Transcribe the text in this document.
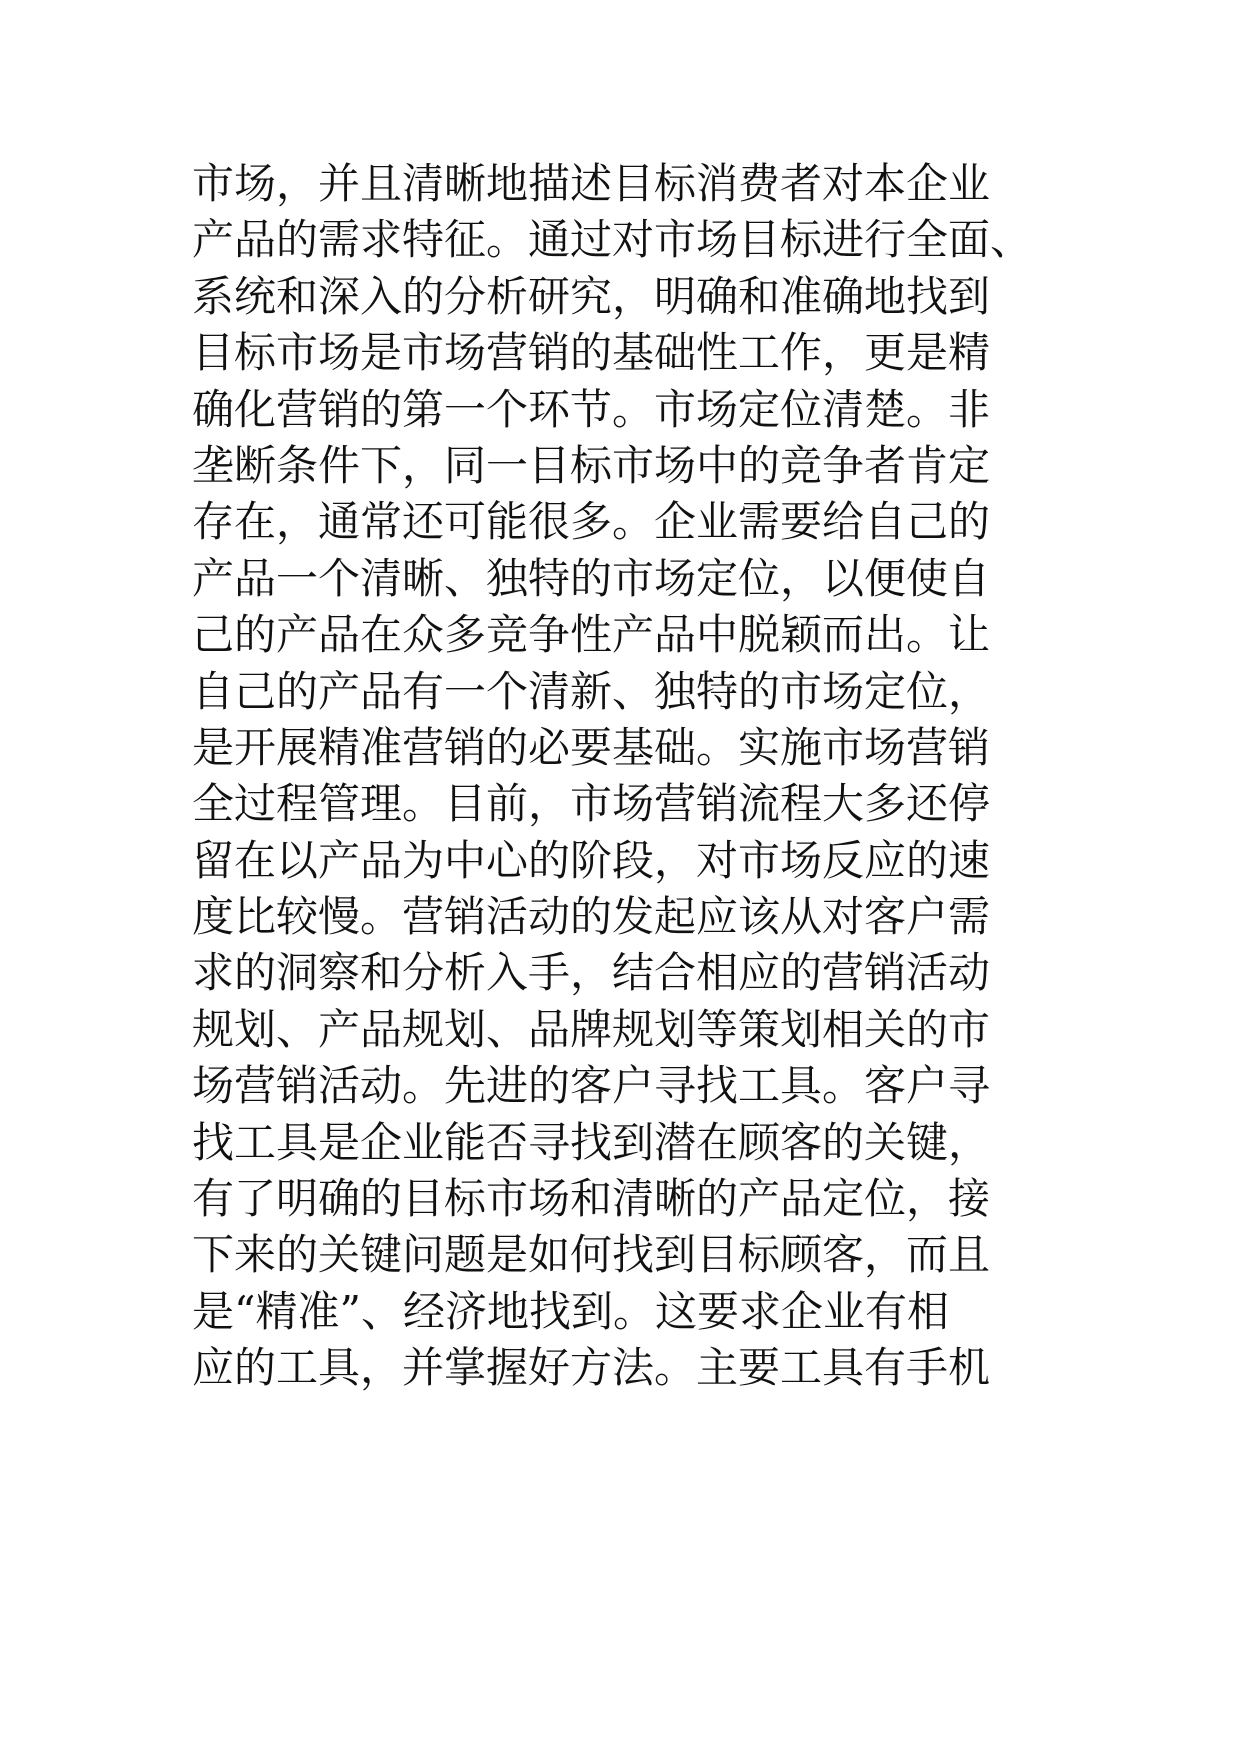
市场，并且清晰地描述目标消费者对本企业
产品的需求特征。通过对市场目标进行全面、
系统和深入的分析研究，明确和准确地找到
目标市场是市场营销的基础性工作，更是精
确化营销的第一个环节。市场定位清楚。非
垄断条件下，同一目标市场中的竞争者肯定
存在，通常还可能很多。企业需要给自己的
产品一个清晰、独特的市场定位，以便使自
己的产品在众多竞争性产品中脱颖而出。让
自己的产品有一个清新、独特的市场定位，
是开展精准营销的必要基础。实施市场营销
全过程管理。目前，市场营销流程大多还停
留在以产品为中心的阶段，对市场反应的速
度比较慢。营销活动的发起应该从对客户需
求的洞察和分析入手，结合相应的营销活动
规划、产品规划、品牌规划等策划相关的市
场营销活动。先进的客户寻找工具。客户寻
找工具是企业能否寻找到潜在顾客的关键，
有了明确的目标市场和清晰的产品定位，接
下来的关键问题是如何找到目标顾客，而且
是“精准”、经济地找到。这要求企业有相
应的工具，并掌握好方法。主要工具有手机
